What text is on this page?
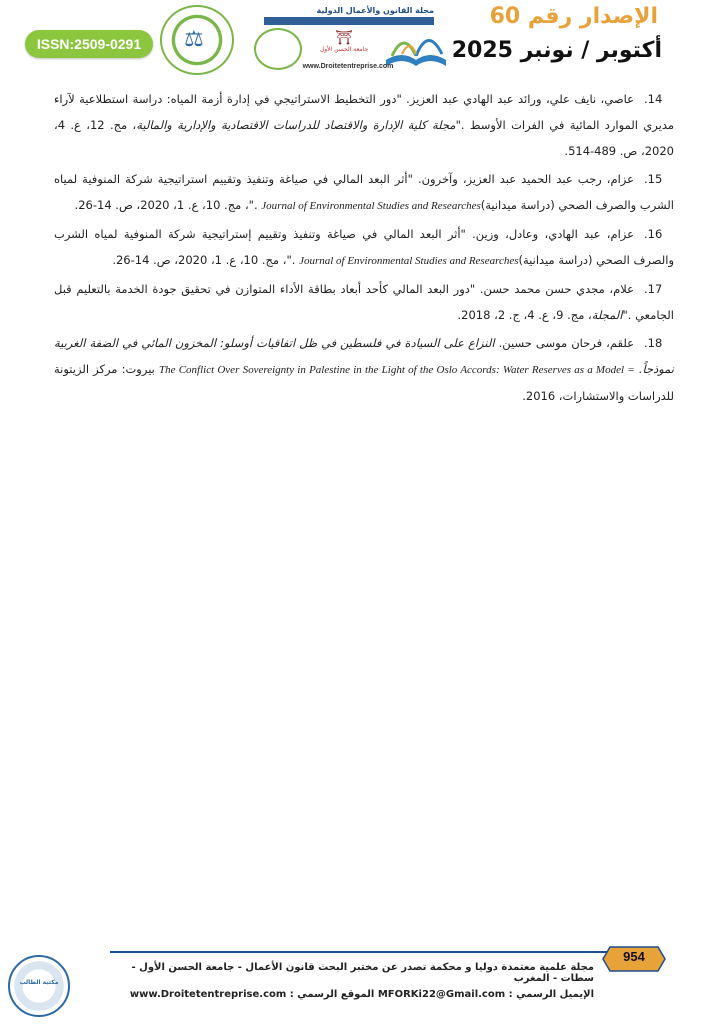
ISSN:2509-0291	⚖
مجلة القانون والأعمال الدولية
⛩
جامعة الحسن الأول
www.Droitetentreprise.com
الإصدار رقم 60
أكتوبر / نونبر 2025

14.عاصي، نايف علي، ورائد عبد الهادي عبد العزيز. "دور التخطيط الاستراتيجي في إدارة أزمة المياه: دراسة استطلاعية لآراء مديري الموارد المائية في الفرات الأوسط ."مجلة كلية الإدارة والاقتصاد للدراسات الاقتصادية والإدارية والمالية، مج. 12، ع. 4، 2020، ص. 489-514.

15.عزام، رجب عبد الحميد عبد العزيز، وآخرون. "أثر البعد المالي في صياغة وتنفيذ وتقييم استراتيجية شركة المنوفية لمياه الشرب والصرف الصحي (دراسة ميدانية)Journal of Environmental Studies and Researches ."، مج. 10، ع. 1، 2020، ص. 14-26.

16.عزام، عبد الهادي، وعادل، وزين. "أثر البعد المالي في صياغة وتنفيذ وتقييم إستراتيجية شركة المنوفية لمياه الشرب والصرف الصحي (دراسة ميدانية)Journal of Environmental Studies and Researches ."، مج. 10، ع. 1، 2020، ص. 14-26.

17.علام، مجدي حسن محمد حسن. "دور البعد المالي كأحد أبعاد بطاقة الأداء المتوازن في تحقيق جودة الخدمة بالتعليم قبل الجامعي ."المجلة، مج. 9، ع. 4، ج. 2، 2018.

18.علقم، فرحان موسى حسين. النزاع على السيادة في فلسطين في ظل اتفاقيات أوسلو: المخزون المائي في الضفة الغربية نموذجاً. The Conflict Over Sovereignty in Palestine in the Light of the Oslo Accords: Water Reserves as a Model = بيروت: مركز الزيتونة للدراسات والاستشارات، 2016.

مكتبة الطالب
954
مجلة علمية معتمدة دوليا و محكمة تصدر عن مختبر البحث قانون الأعمال - جامعة الحسن الأول - سطات - المغرب
الإيميل الرسمي : MFORKi22@Gmail.com الموقع الرسمي : www.Droitetentreprise.com
